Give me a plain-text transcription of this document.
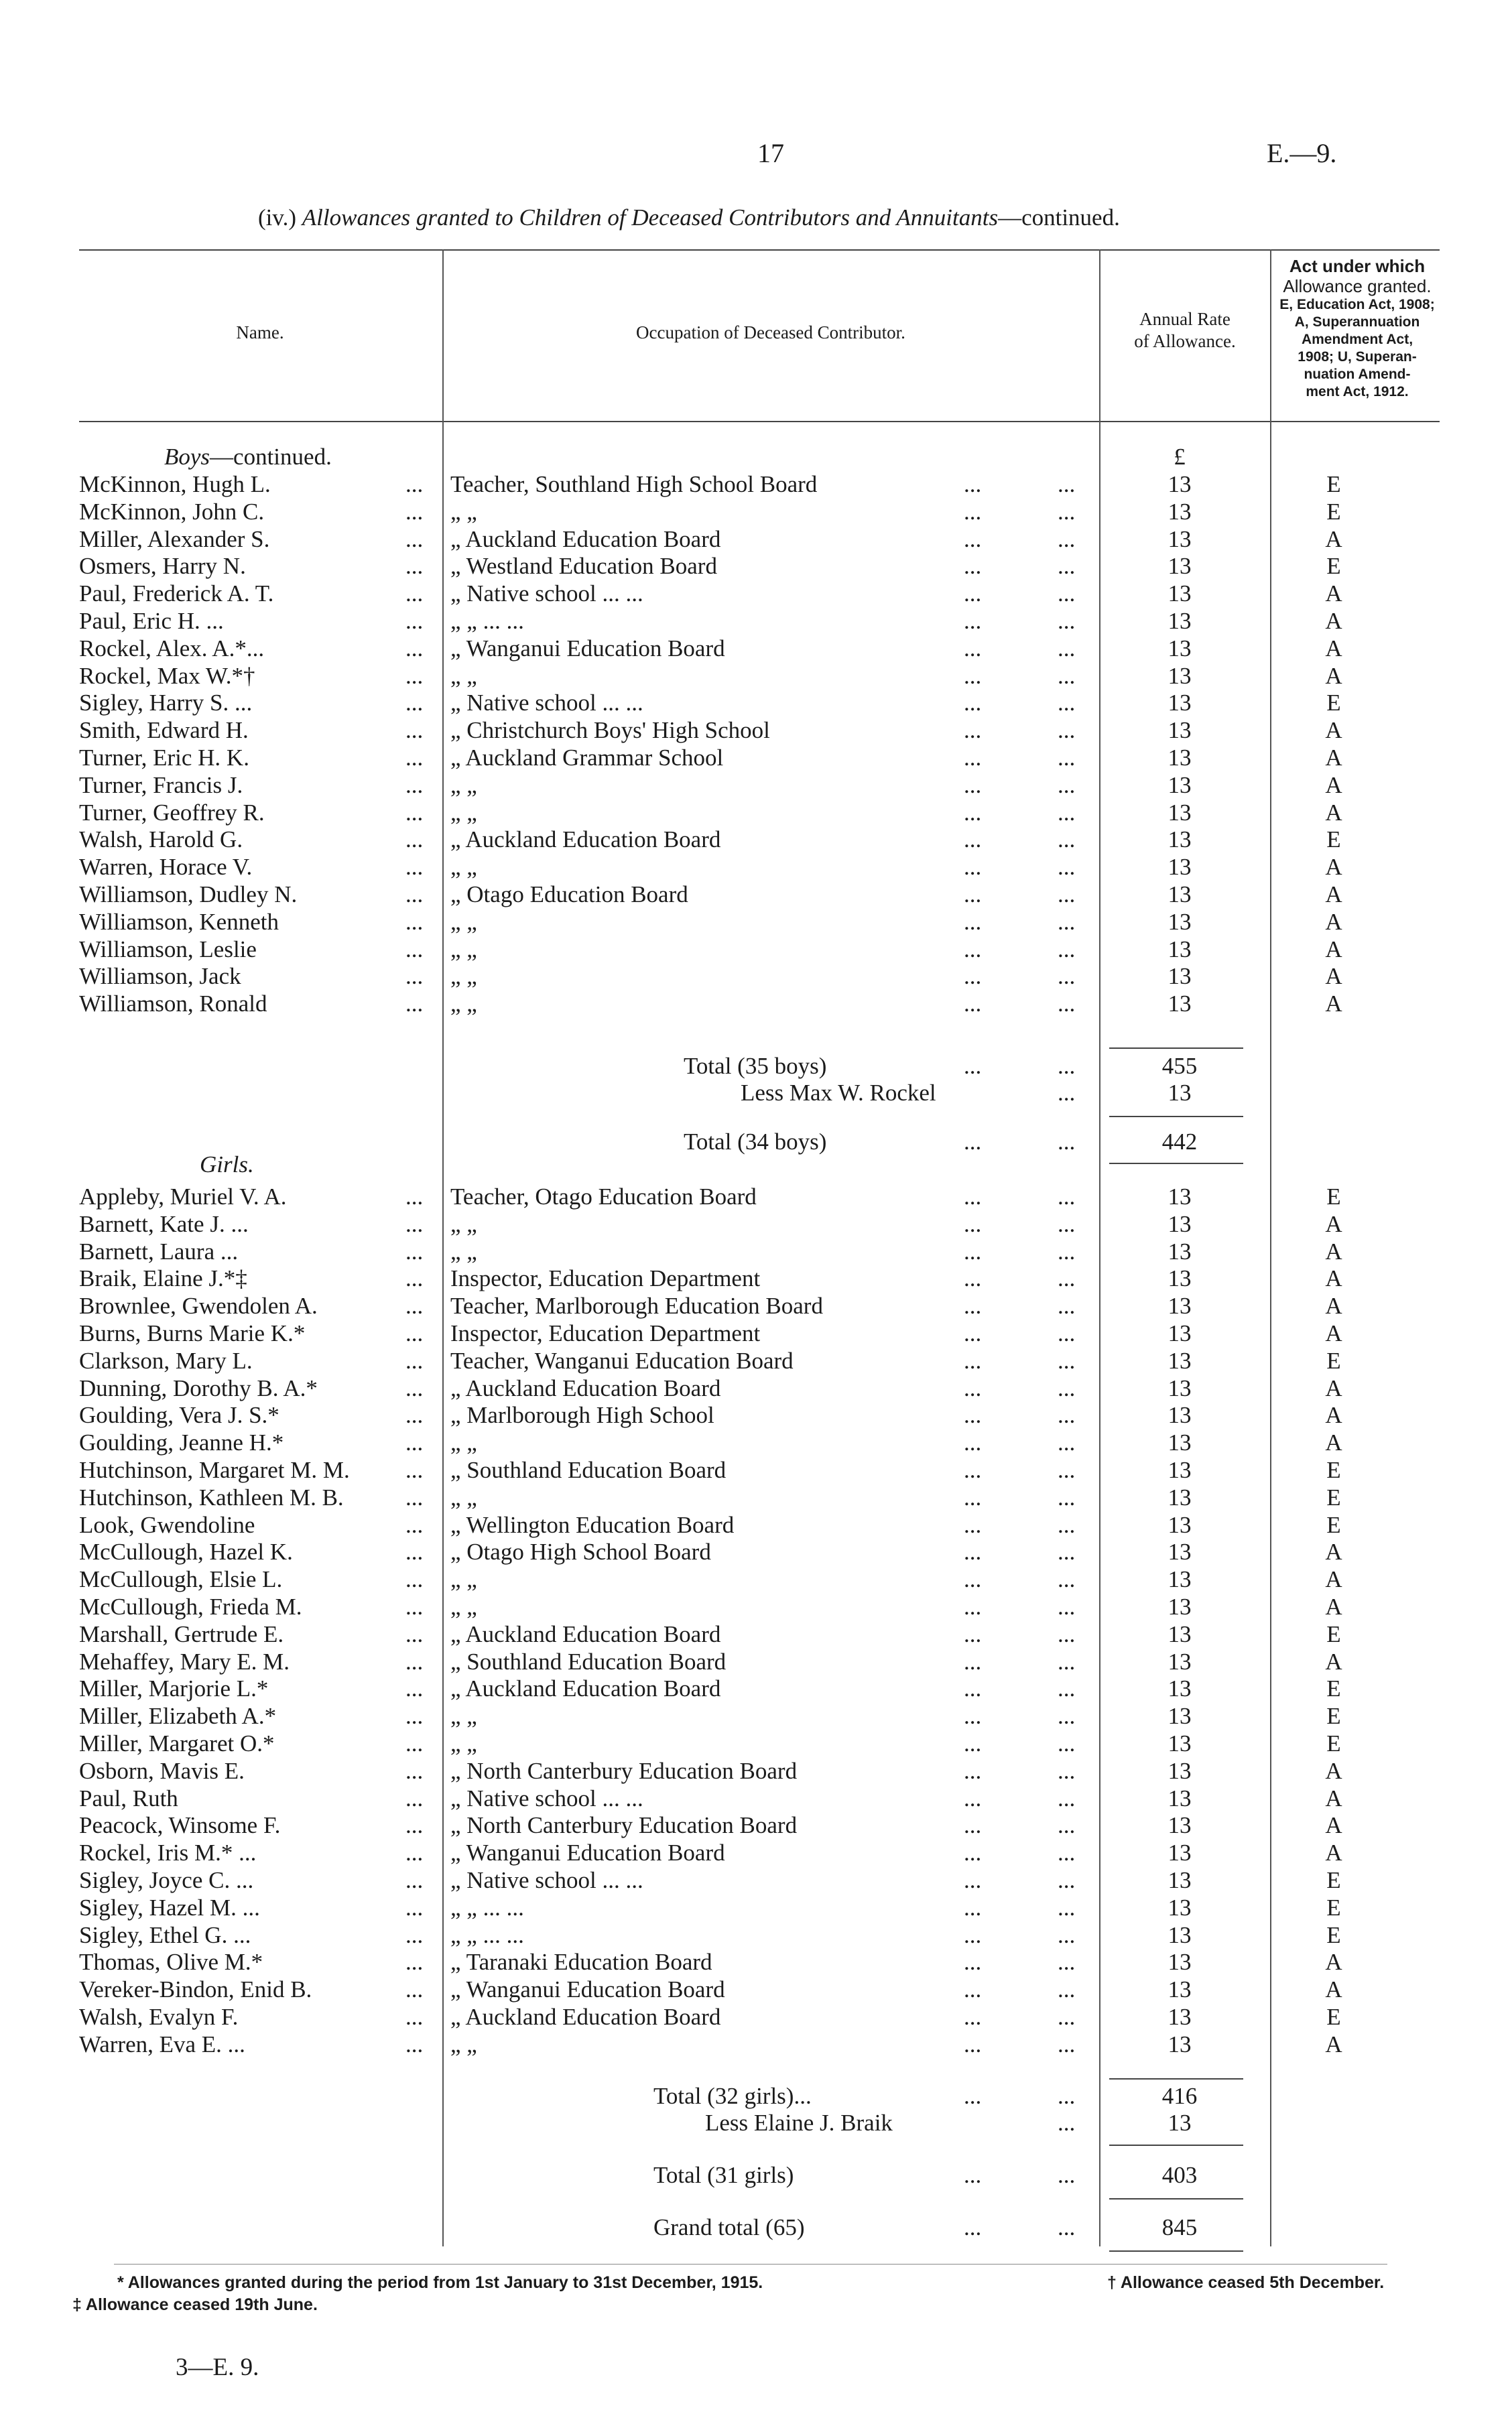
17	E.—9.
(iv.) Allowances granted to Children of Deceased Contributors and Annuitants—continued.
Name.	Occupation of Deceased Contributor.
Annual Rate
of Allowance.
Act under which
Allowance granted.
E, Education Act, 1908;
A, Superannuation
Amendment Act,
1908; U, Superan-
nuation Amend-
ment Act, 1912.
Boys—continued.	£
McKinnon, Hugh L.	... Teacher, Southland High School Board	...	...	13	E
McKinnon, John C.	... „ „	...	...	13	E
Miller, Alexander S.	... „ Auckland Education Board	...	...	13	A
Osmers, Harry N.	... „ Westland Education Board	...	...	13	E
Paul, Frederick A. T.	... „ Native school ... ...	...	...	13	A
Paul, Eric H. ...	... „ „ ... ...	...	...	13	A
Rockel, Alex. A.*...	... „ Wanganui Education Board	...	...	13	A
Rockel, Max W.*†	... „ „	...	...	13	A
Sigley, Harry S. ...	... „ Native school ... ...	...	...	13	E
Smith, Edward H.	... „ Christchurch Boys' High School	...	...	13	A
Turner, Eric H. K.	... „ Auckland Grammar School	...	...	13	A
Turner, Francis J.	... „ „	...	...	13	A
Turner, Geoffrey R.	... „ „	...	...	13	A
Walsh, Harold G.	... „ Auckland Education Board	...	...	13	E
Warren, Horace V.	... „ „	...	...	13	A
Williamson, Dudley N.	... „ Otago Education Board	...	...	13	A
Williamson, Kenneth	... „ „	...	...	13	A
Williamson, Leslie	... „ „	...	...	13	A
Williamson, Jack	... „ „	...	...	13	A
Williamson, Ronald	... „ „	...	...	13	A
Total (35 boys)	...	...	455
Less Max W. Rockel	...	13
Total (34 boys)	...	...	442
Girls.
Appleby, Muriel V. A.	... Teacher, Otago Education Board	...	...	13	E
Barnett, Kate J. ...	... „ „	...	...	13	A
Barnett, Laura ...	... „ „	...	...	13	A
Braik, Elaine J.*‡	... Inspector, Education Department	...	...	13	A
Brownlee, Gwendolen A.	... Teacher, Marlborough Education Board	...	...	13	A
Burns, Burns Marie K.*	... Inspector, Education Department	...	...	13	A
Clarkson, Mary L.	... Teacher, Wanganui Education Board	...	...	13	E
Dunning, Dorothy B. A.*	... „ Auckland Education Board	...	...	13	A
Goulding, Vera J. S.*	... „ Marlborough High School	...	...	13	A
Goulding, Jeanne H.*	... „ „	...	...	13	A
Hutchinson, Margaret M. M. ... „ Southland Education Board	...	...	13	E
Hutchinson, Kathleen M. B.	... „ „	...	...	13	E
Look, Gwendoline	... „ Wellington Education Board	...	...	13	E
McCullough, Hazel K.	... „ Otago High School Board	...	...	13	A
McCullough, Elsie L.	... „ „	...	...	13	A
McCullough, Frieda M.	... „ „	...	...	13	A
Marshall, Gertrude E.	... „ Auckland Education Board	...	...	13	E
Mehaffey, Mary E. M.	... „ Southland Education Board	...	...	13	A
Miller, Marjorie L.*	... „ Auckland Education Board	...	...	13	E
Miller, Elizabeth A.*	... „ „	...	...	13	E
Miller, Margaret O.*	... „ „	...	...	13	E
Osborn, Mavis E.	... „ North Canterbury Education Board	...	...	13	A
Paul, Ruth	... „ Native school ... ...	...	...	13	A
Peacock, Winsome F.	... „ North Canterbury Education Board	...	...	13	A
Rockel, Iris M.* ...	... „ Wanganui Education Board	...	...	13	A
Sigley, Joyce C. ...	... „ Native school ... ...	...	...	13	E
Sigley, Hazel M. ...	... „ „ ... ...	...	...	13	E
Sigley, Ethel G. ...	... „ „ ... ...	...	...	13	E
Thomas, Olive M.*	... „ Taranaki Education Board	...	...	13	A
Vereker-Bindon, Enid B.	... „ Wanganui Education Board	...	...	13	A
Walsh, Evalyn F.	... „ Auckland Education Board	...	...	13	E
Warren, Eva E. ...	... „ „	...	...	13	A
Total (32 girls)...	...	...	416
Less Elaine J. Braik	...	13
Total (31 girls)	...	...	403
Grand total (65)	...	...	845
* Allowances granted during the period from 1st January to 31st December, 1915.	† Allowance ceased 5th December.
‡ Allowance ceased 19th June.
3—E. 9.
